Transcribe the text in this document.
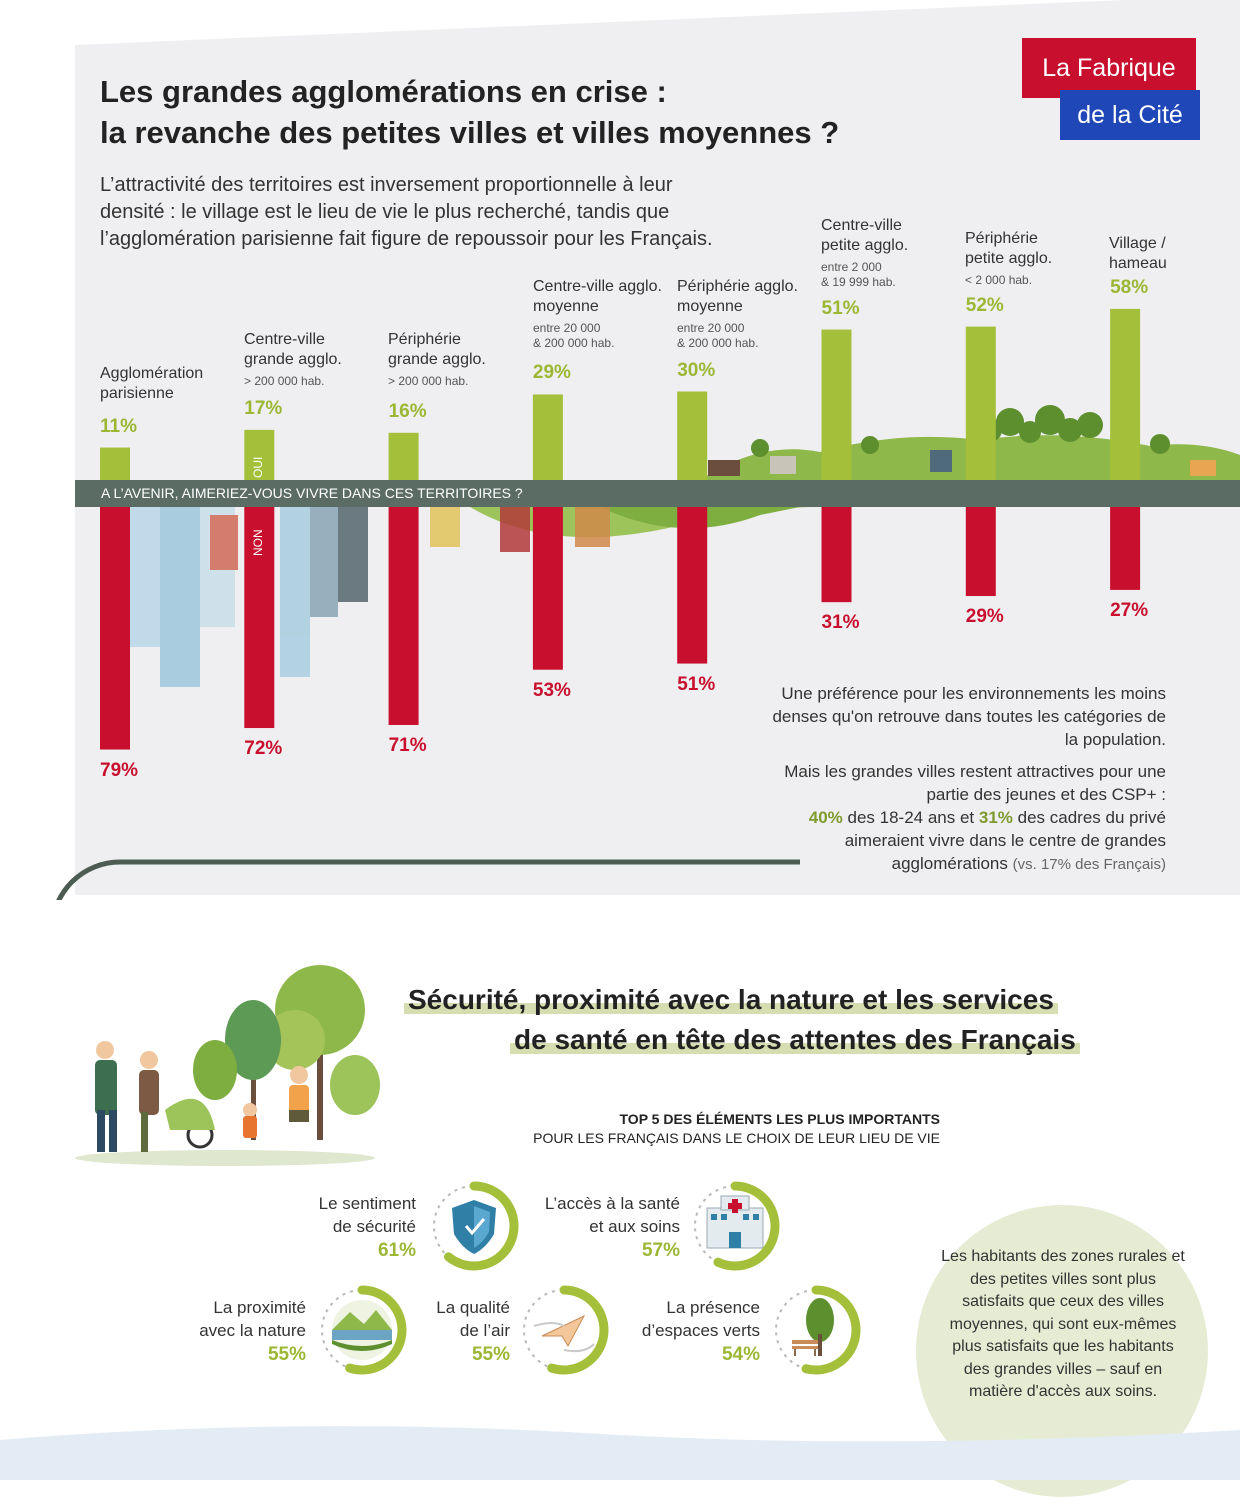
La Fabrique
de la Cité
Les grandes agglomérations en crise :
la revanche des petites villes et villes moyennes ?
L’attractivité des territoires est inversement proportionnelle à leur densité : le village est le lieu de vie le plus recherché, tandis que l’agglomération parisienne fait figure de repoussoir pour les Français.
A L’AVENIR, AIMERIEZ-VOUS VIVRE DANS CES TERRITOIRES ?
Agglomération parisienne
Centre-ville grande agglo.
> 200 000 hab.
Périphérie grande agglo.
> 200 000 hab.
Centre-ville agglo. moyenne
entre 20 000
& 200 000 hab.
Périphérie agglo. moyenne
entre 20 000
& 200 000 hab.
Centre-ville petite agglo.
entre 2 000
& 19 999 hab.
Périphérie petite agglo.
< 2 000 hab.
Village / hameau
11%
79%
17%
72%
16%
71%
29%
53%
30%
51%
51%
31%
52%
29%
58%
27%
OUI
NON
Une préférence pour les environnements les moins denses qu'on retrouve dans toutes les catégories de la population.
Mais les grandes villes restent attractives pour une partie des jeunes et des CSP+ :
40% des 18-24 ans et 31% des cadres du privé aimeraient vivre dans le centre de grandes agglomérations (vs. 17% des Français)
Sécurité, proximité avec la nature et les services
de santé en tête des attentes des Français
TOP 5 DES ÉLÉMENTS LES PLUS IMPORTANTS
POUR LES FRANÇAIS DANS LE CHOIX DE LEUR LIEU DE VIE
Le sentiment
de sécurité
61%
L’accès à la santé
et aux soins
57%
La proximité
avec la nature
55%
La qualité
de l’air
55%
La présence
d’espaces verts
54%
Les habitants des zones rurales et des petites villes sont plus satisfaits que ceux des villes moyennes, qui sont eux-mêmes plus satisfaits que les habitants des grandes villes – sauf en matière d'accès aux soins.
